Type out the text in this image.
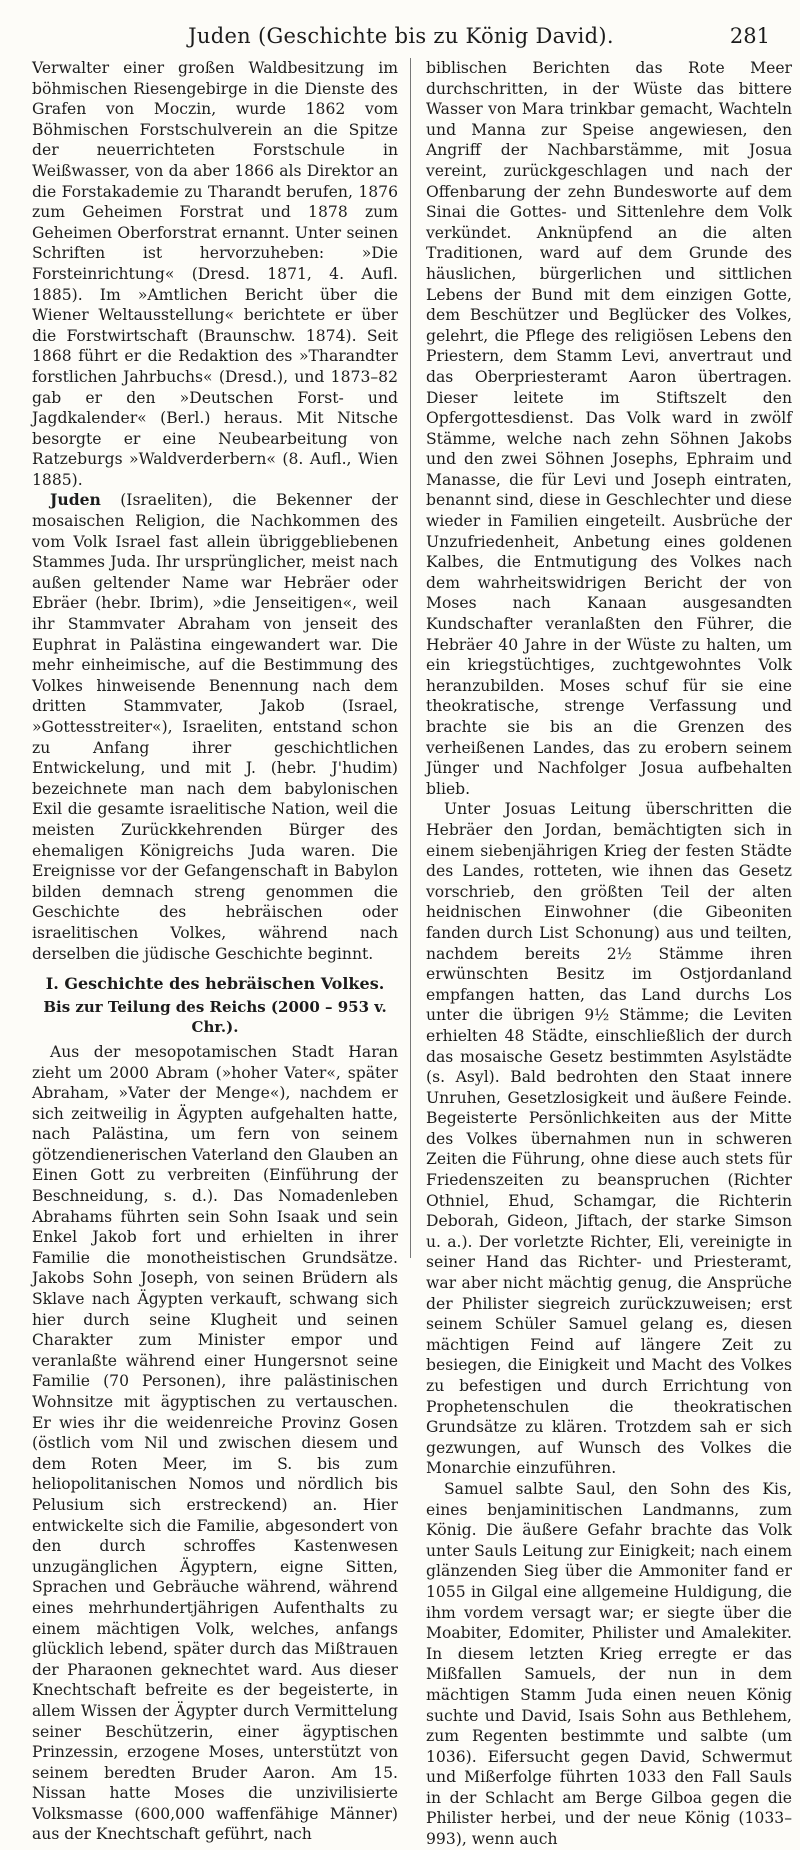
Juden (Geschichte bis zu König David).	281

Verwalter einer großen Waldbesitzung im böhmischen Riesengebirge in die Dienste des Grafen von Moczin, wurde 1862 vom Böhmischen Forstschulverein an die Spitze der neuerrichteten Forstschule in Weißwasser, von da aber 1866 als Direktor an die Forstakademie zu Tharandt berufen, 1876 zum Geheimen Forstrat und 1878 zum Geheimen Oberforstrat ernannt. Unter seinen Schriften ist hervorzuheben: »Die Forsteinrichtung« (Dresd. 1871, 4. Aufl. 1885). Im »Amtlichen Bericht über die Wiener Weltausstellung« berichtete er über die Forstwirtschaft (Braunschw. 1874). Seit 1868 führt er die Redaktion des »Tharandter forstlichen Jahrbuchs« (Dresd.), und 1873–82 gab er den »Deutschen Forst- und Jagdkalender« (Berl.) heraus. Mit Nitsche besorgte er eine Neubearbeitung von Ratzeburgs »Waldverderbern« (8. Aufl., Wien 1885).

Juden (Israeliten), die Bekenner der mosaischen Religion, die Nachkommen des vom Volk Israel fast allein übriggebliebenen Stammes Juda. Ihr ursprünglicher, meist nach außen geltender Name war Hebräer oder Ebräer (hebr. Ibrim), »die Jenseitigen«, weil ihr Stammvater Abraham von jenseit des Euphrat in Palästina eingewandert war. Die mehr einheimische, auf die Bestimmung des Volkes hinweisende Benennung nach dem dritten Stammvater, Jakob (Israel, »Gottesstreiter«), Israeliten, entstand schon zu Anfang ihrer geschichtlichen Entwickelung, und mit J. (hebr. J'hudim) bezeichnete man nach dem babylonischen Exil die gesamte israelitische Nation, weil die meisten Zurückkehrenden Bürger des ehemaligen Königreichs Juda waren. Die Ereignisse vor der Gefangenschaft in Babylon bilden demnach streng genommen die Geschichte des hebräischen oder israelitischen Volkes, während nach derselben die jüdische Geschichte beginnt.

I. Geschichte des hebräischen Volkes.

Bis zur Teilung des Reichs (2000 – 953 v. Chr.).

Aus der mesopotamischen Stadt Haran zieht um 2000 Abram (»hoher Vater«, später Abraham, »Vater der Menge«), nachdem er sich zeitweilig in Ägypten aufgehalten hatte, nach Palästina, um fern von seinem götzendienerischen Vaterland den Glauben an Einen Gott zu verbreiten (Einführung der Beschneidung, s. d.). Das Nomadenleben Abrahams führten sein Sohn Isaak und sein Enkel Jakob fort und erhielten in ihrer Familie die monotheistischen Grundsätze. Jakobs Sohn Joseph, von seinen Brüdern als Sklave nach Ägypten verkauft, schwang sich hier durch seine Klugheit und seinen Charakter zum Minister empor und veranlaßte während einer Hungersnot seine Familie (70 Personen), ihre palästinischen Wohnsitze mit ägyptischen zu vertauschen. Er wies ihr die weidenreiche Provinz Gosen (östlich vom Nil und zwischen diesem und dem Roten Meer, im S. bis zum heliopolitanischen Nomos und nördlich bis Pelusium sich erstreckend) an. Hier entwickelte sich die Familie, abgesondert von den durch schroffes Kastenwesen unzugänglichen Ägyptern, eigne Sitten, Sprachen und Gebräuche während, während eines mehrhundertjährigen Aufenthalts zu einem mächtigen Volk, welches, anfangs glücklich lebend, später durch das Mißtrauen der Pharaonen geknechtet ward. Aus dieser Knechtschaft befreite es der begeisterte, in allem Wissen der Ägypter durch Vermittelung seiner Beschützerin, einer ägyptischen Prinzessin, erzogene Moses, unterstützt von seinem beredten Bruder Aaron. Am 15. Nissan hatte Moses die unzivilisierte Volksmasse (600,000 waffenfähige Männer) aus der Knechtschaft geführt, nach

biblischen Berichten das Rote Meer durchschritten, in der Wüste das bittere Wasser von Mara trinkbar gemacht, Wachteln und Manna zur Speise angewiesen, den Angriff der Nachbarstämme, mit Josua vereint, zurückgeschlagen und nach der Offenbarung der zehn Bundesworte auf dem Sinai die Gottes- und Sittenlehre dem Volk verkündet. Anknüpfend an die alten Traditionen, ward auf dem Grunde des häuslichen, bürgerlichen und sittlichen Lebens der Bund mit dem einzigen Gotte, dem Beschützer und Beglücker des Volkes, gelehrt, die Pflege des religiösen Lebens den Priestern, dem Stamm Levi, anvertraut und das Oberpriesteramt Aaron übertragen. Dieser leitete im Stiftszelt den Opfergottesdienst. Das Volk ward in zwölf Stämme, welche nach zehn Söhnen Jakobs und den zwei Söhnen Josephs, Ephraim und Manasse, die für Levi und Joseph eintraten, benannt sind, diese in Geschlechter und diese wieder in Familien eingeteilt. Ausbrüche der Unzufriedenheit, Anbetung eines goldenen Kalbes, die Entmutigung des Volkes nach dem wahrheitswidrigen Bericht der von Moses nach Kanaan ausgesandten Kundschafter veranlaßten den Führer, die Hebräer 40 Jahre in der Wüste zu halten, um ein kriegstüchtiges, zuchtgewohntes Volk heranzubilden. Moses schuf für sie eine theokratische, strenge Verfassung und brachte sie bis an die Grenzen des verheißenen Landes, das zu erobern seinem Jünger und Nachfolger Josua aufbehalten blieb.

Unter Josuas Leitung überschritten die Hebräer den Jordan, bemächtigten sich in einem siebenjährigen Krieg der festen Städte des Landes, rotteten, wie ihnen das Gesetz vorschrieb, den größten Teil der alten heidnischen Einwohner (die Gibeoniten fanden durch List Schonung) aus und teilten, nachdem bereits 2½ Stämme ihren erwünschten Besitz im Ostjordanland empfangen hatten, das Land durchs Los unter die übrigen 9½ Stämme; die Leviten erhielten 48 Städte, einschließlich der durch das mosaische Gesetz bestimmten Asylstädte (s. Asyl). Bald bedrohten den Staat innere Unruhen, Gesetzlosigkeit und äußere Feinde. Begeisterte Persönlichkeiten aus der Mitte des Volkes übernahmen nun in schweren Zeiten die Führung, ohne diese auch stets für Friedenszeiten zu beanspruchen (Richter Othniel, Ehud, Schamgar, die Richterin Deborah, Gideon, Jiftach, der starke Simson u. a.). Der vorletzte Richter, Eli, vereinigte in seiner Hand das Richter- und Priesteramt, war aber nicht mächtig genug, die Ansprüche der Philister siegreich zurückzuweisen; erst seinem Schüler Samuel gelang es, diesen mächtigen Feind auf längere Zeit zu besiegen, die Einigkeit und Macht des Volkes zu befestigen und durch Errichtung von Prophetenschulen die theokratischen Grundsätze zu klären. Trotzdem sah er sich gezwungen, auf Wunsch des Volkes die Monarchie einzuführen.

Samuel salbte Saul, den Sohn des Kis, eines benjaminitischen Landmanns, zum König. Die äußere Gefahr brachte das Volk unter Sauls Leitung zur Einigkeit; nach einem glänzenden Sieg über die Ammoniter fand er 1055 in Gilgal eine allgemeine Huldigung, die ihm vordem versagt war; er siegte über die Moabiter, Edomiter, Philister und Amalekiter. In diesem letzten Krieg erregte er das Mißfallen Samuels, der nun in dem mächtigen Stamm Juda einen neuen König suchte und David, Isais Sohn aus Bethlehem, zum Regenten bestimmte und salbte (um 1036). Eifersucht gegen David, Schwermut und Mißerfolge führten 1033 den Fall Sauls in der Schlacht am Berge Gilboa gegen die Philister herbei, und der neue König (1033–993), wenn auch
